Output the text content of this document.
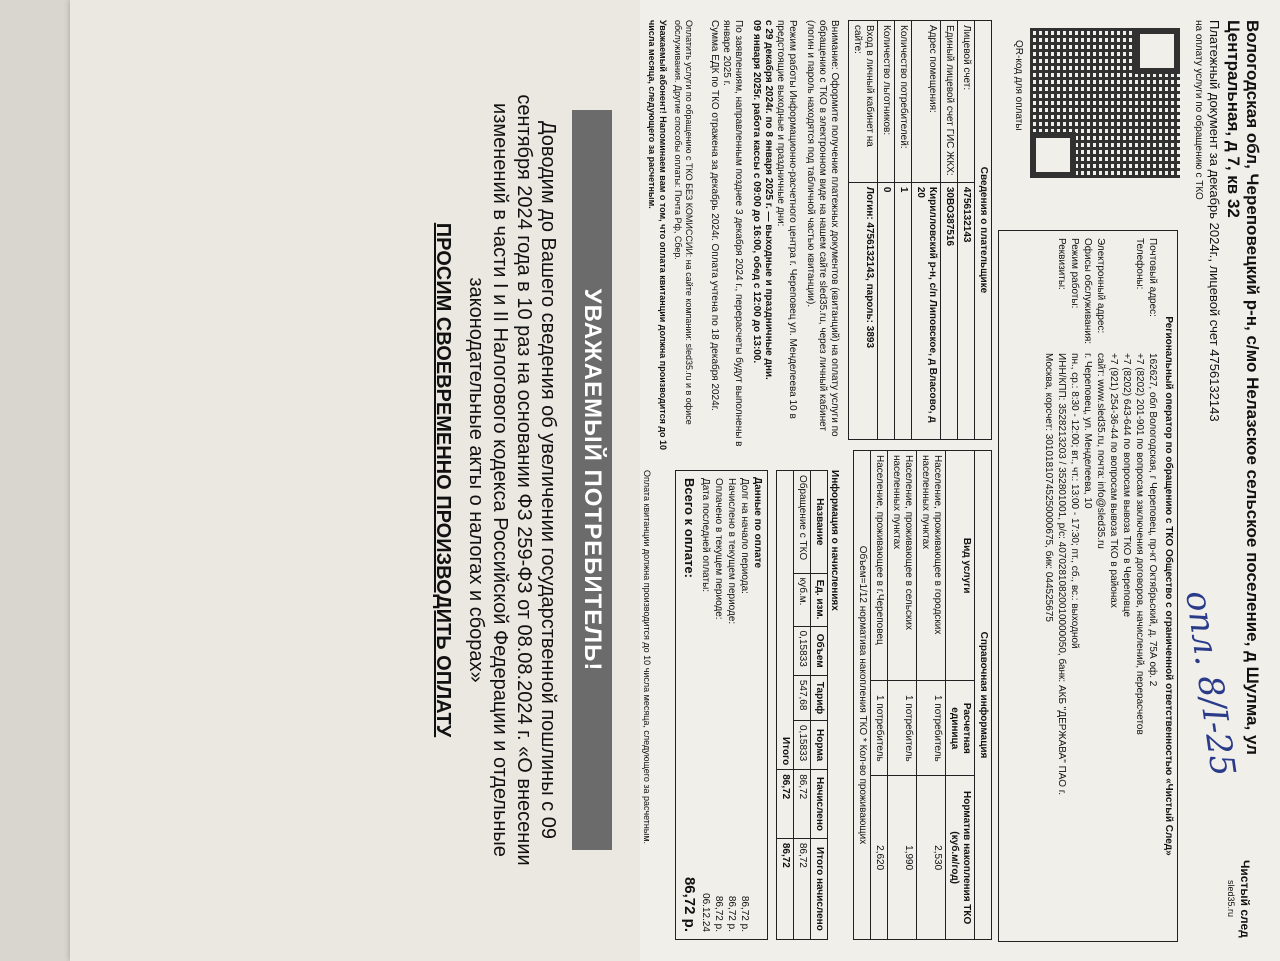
Вологодская обл, Череповецкий р-н, с/мо Нелазское сельское поселение, д Шулма, ул
Центральная, д 7, кв 32
Платежный документ за декабрь 2024г., лицевой счет 4756132143
на оплату услуги по обращению с ТКО
Чистый след
sled35.ru
опл. 8/I-25
QR-код для оплаты
Региональный оператор по обращению с ТКО Общество с ограниченной ответственностью «Чистый След»
Почтовый адрес:	162627, обл Вологодская, г Череповец, пр-кт Октябрьский, д. 75А оф. 2
Телефоны:	+7 (8202) 201-901 по вопросам заключения договоров, начислений, перерасчетов
	+7 (8202) 643-644 по вопросам вывоза ТКО в Череповце
	+7 (921) 254-36-44 по вопросам вывоза ТКО в районах
Электронный адрес:	сайт: www.sled35.ru, почта: info@sled35.ru
Офисы обслуживания:	г. Череповец, ул. Менделеева, 10
Режим работы:	пн., ср.: 8:30 - 12:00; вт., чт.: 13:00 - 17:30; пт., сб., вс.: выходной
Реквизиты:	ИНН/КПП: 3528213203 / 352801001, р/с: 40702810820010000050, банк: АКБ "ДЕРЖАВА" ПАО г.
	Москва, корсчет: 30101810745250000675, бик: 044525675
Сведения о плательщике	
Лицевой счет:	4756132143
Единый лицевой счет ГИС ЖКХ:	30ВО387516
Адрес помещения:	Кирилловский р-н, с/п Липовское, д Власово, д 20
Количество потребителей:	1
Количество льготников:	0
Вход в личный кабинет на сайте:	Логин: 4756132143, пароль: 3893
Справочная информация		
Вид услуги	Расчетная единица	Норматив накопления ТКО (куб.м/год)
Население, проживающее в городских населенных пунктах	1 потребитель	2,530
Население, проживающее в сельских населенных пунктах	1 потребитель	1,990
Население, проживающее в г.Череповец	1 потребитель	2,620
Объем=1/12 норматива накопления ТКО * Кол-во проживающих		

Внимание: Оформите получение платежных документов (квитанций) на оплату услуги по обращению с ТКО в электронном виде на нашем сайте sled35.ru, через личный кабинет (логин и пароль находятся под табличной частью квитанции).

Режим работы Информационно-расчетного центра г. Череповец ул. Менделеева 10 в предстоящие выходные и праздничные дни:

с 29 декабря 2024г. по 8 января 2025 г. — выходные и праздничные дни.

09 января 2025г. работа кассы с 09:00 до 16:00, обед с 12:00 до 13:00.

По заявлениям, направленным позднее 3 декабря 2024 г., перерасчеты будут выполнены в январе 2025 г.

Сумма ЕДК по ТКО отражена за декабрь 2024г. Оплата учтена по 18 декабря 2024г.

Информация о начислениях
Название	Ед. изм.	Объем	Тариф	Норма	Начислено	Итого начислено
Обращение с ТКО	куб.м.	0,15833	547,68	0,15833	86,72	86,72
Итого					86,72	86,72
Данные по оплате
Долг на начало периода:	86,72 р.
Начислено в текущем периоде:	86,72 р.
Оплачено в текущем периоде:	86,72 р.
Дата последней оплаты:	06.12.24
Всего к оплате:	86,72 р.
Оплата квитанции должна производится до 10 числа месяца, следующего за расчетным.
Оплатить услуги по обращению с ТКО БЕЗ КОМИССИИ: на сайте компании: sled35.ru и в офисе обслуживания. Другие способы оплаты: Почта Рф, Сбер.
Уважаемый абонент! Напоминаем вам о том, что оплата квитанции должна производится до 10 числа месяца, следующего за расчетным.
УВАЖАЕМЫЙ ПОТРЕБИТЕЛЬ!
Доводим до Вашего сведения об увеличении государственной пошлины с 09 сентября 2024 года в 10 раз на основании ФЗ 259-ФЗ от 08.08.2024 г. «О внесении изменений в части I и II Налогового кодекса Российской Федерации и отдельные законодательные акты о налогах и сборах»
ПРОСИМ СВОЕВРЕМЕННО ПРОИЗВОДИТЬ ОПЛАТУ
